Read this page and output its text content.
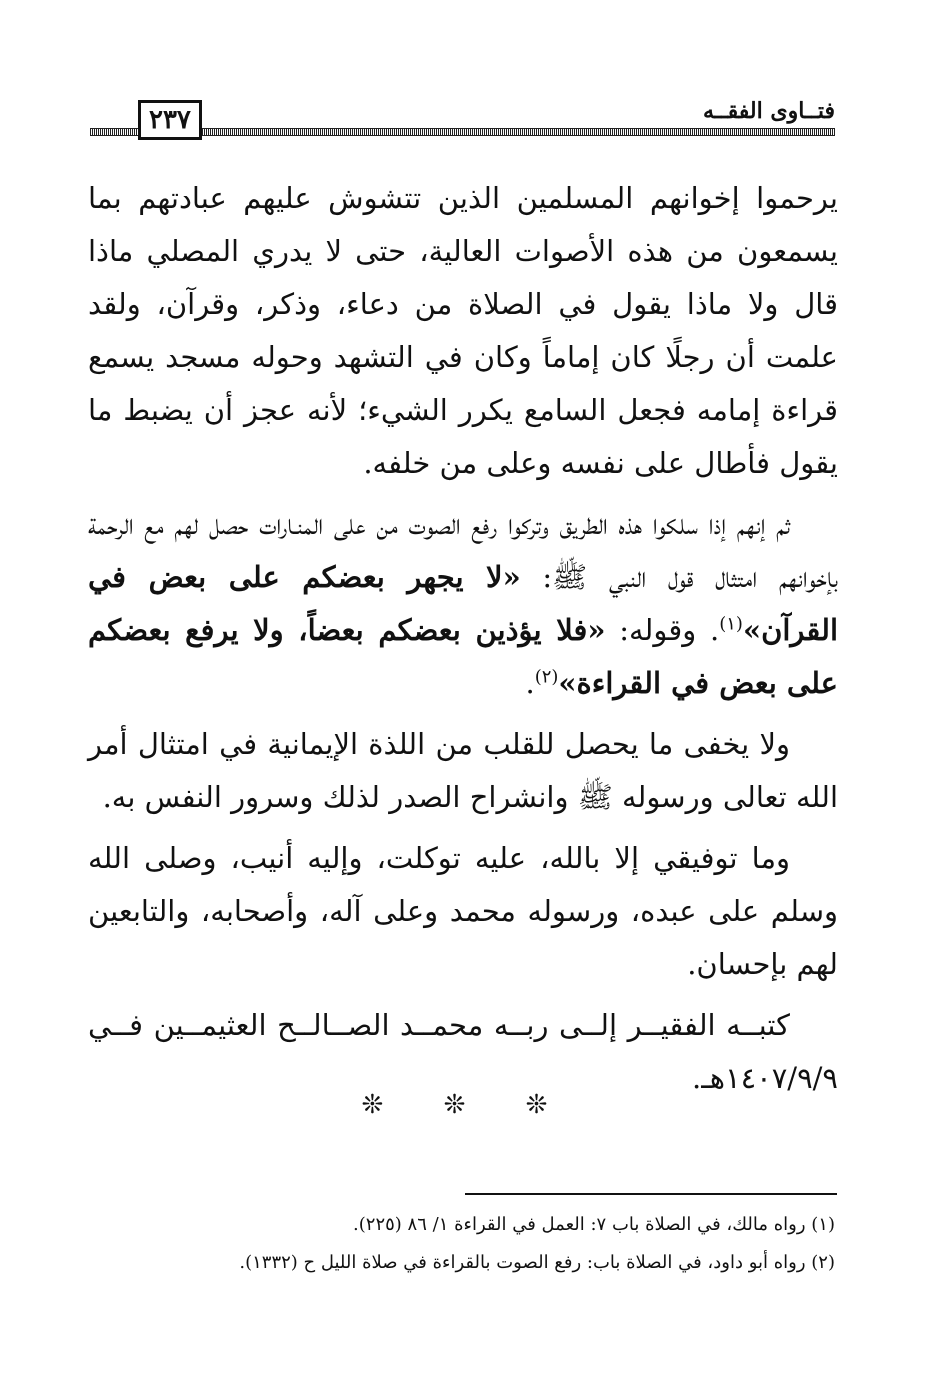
٢٣٧	فتــاوى الفقــه

يرحموا إخوانهم المسلمين الذين تتشوش عليهم عبادتهم بما يسمعون من هذه الأصوات العالية، حتى لا يدري المصلي ماذا قال ولا ماذا يقول في الصلاة من دعاء، وذكر، وقرآن، ولقد علمت أن رجلًا كان إماماً وكان في التشهد وحوله مسجد يسمع قراءة إمامه فجعل السامع يكرر الشيء؛ لأنه عجز أن يضبط ما يقول فأطال على نفسه وعلى من خلفه.

ثم إنهم إذا سلكوا هذه الطريق وتركوا رفع الصوت من على المنـارات حصل لهم مع الرحمة بإخوانهم امتثال قول النبي ﷺ: «لا يجهر بعضكم على بعض في القرآن»$^{(١)}$. وقوله: «فلا يؤذين بعضكم بعضاً، ولا يرفع بعضكم على بعض في القراءة»$^{(٢)}$.

ولا يخفى ما يحصل للقلب من اللذة الإيمانية في امتثال أمر الله تعالى ورسوله ﷺ وانشراح الصدر لذلك وسرور النفس به.

وما توفيقي إلا بالله، عليه توكلت، وإليه أنيب، وصلى الله وسلم على عبده، ورسوله محمد وعلى آله، وأصحابه، والتابعين لهم بإحسان.

كتبــه الفقيــر إلــى ربــه محمــد الصــالــح العثيمــين فــي ١٤٠٧/٩/٩هـ.

❊ ❊ ❊
(١) رواه مالك، في الصلاة باب ٧: العمل في القراءة ١/ ٨٦ (٢٢٥).
(٢) رواه أبو داود، في الصلاة باب: رفع الصوت بالقراءة في صلاة الليل ح (١٣٣٢).
